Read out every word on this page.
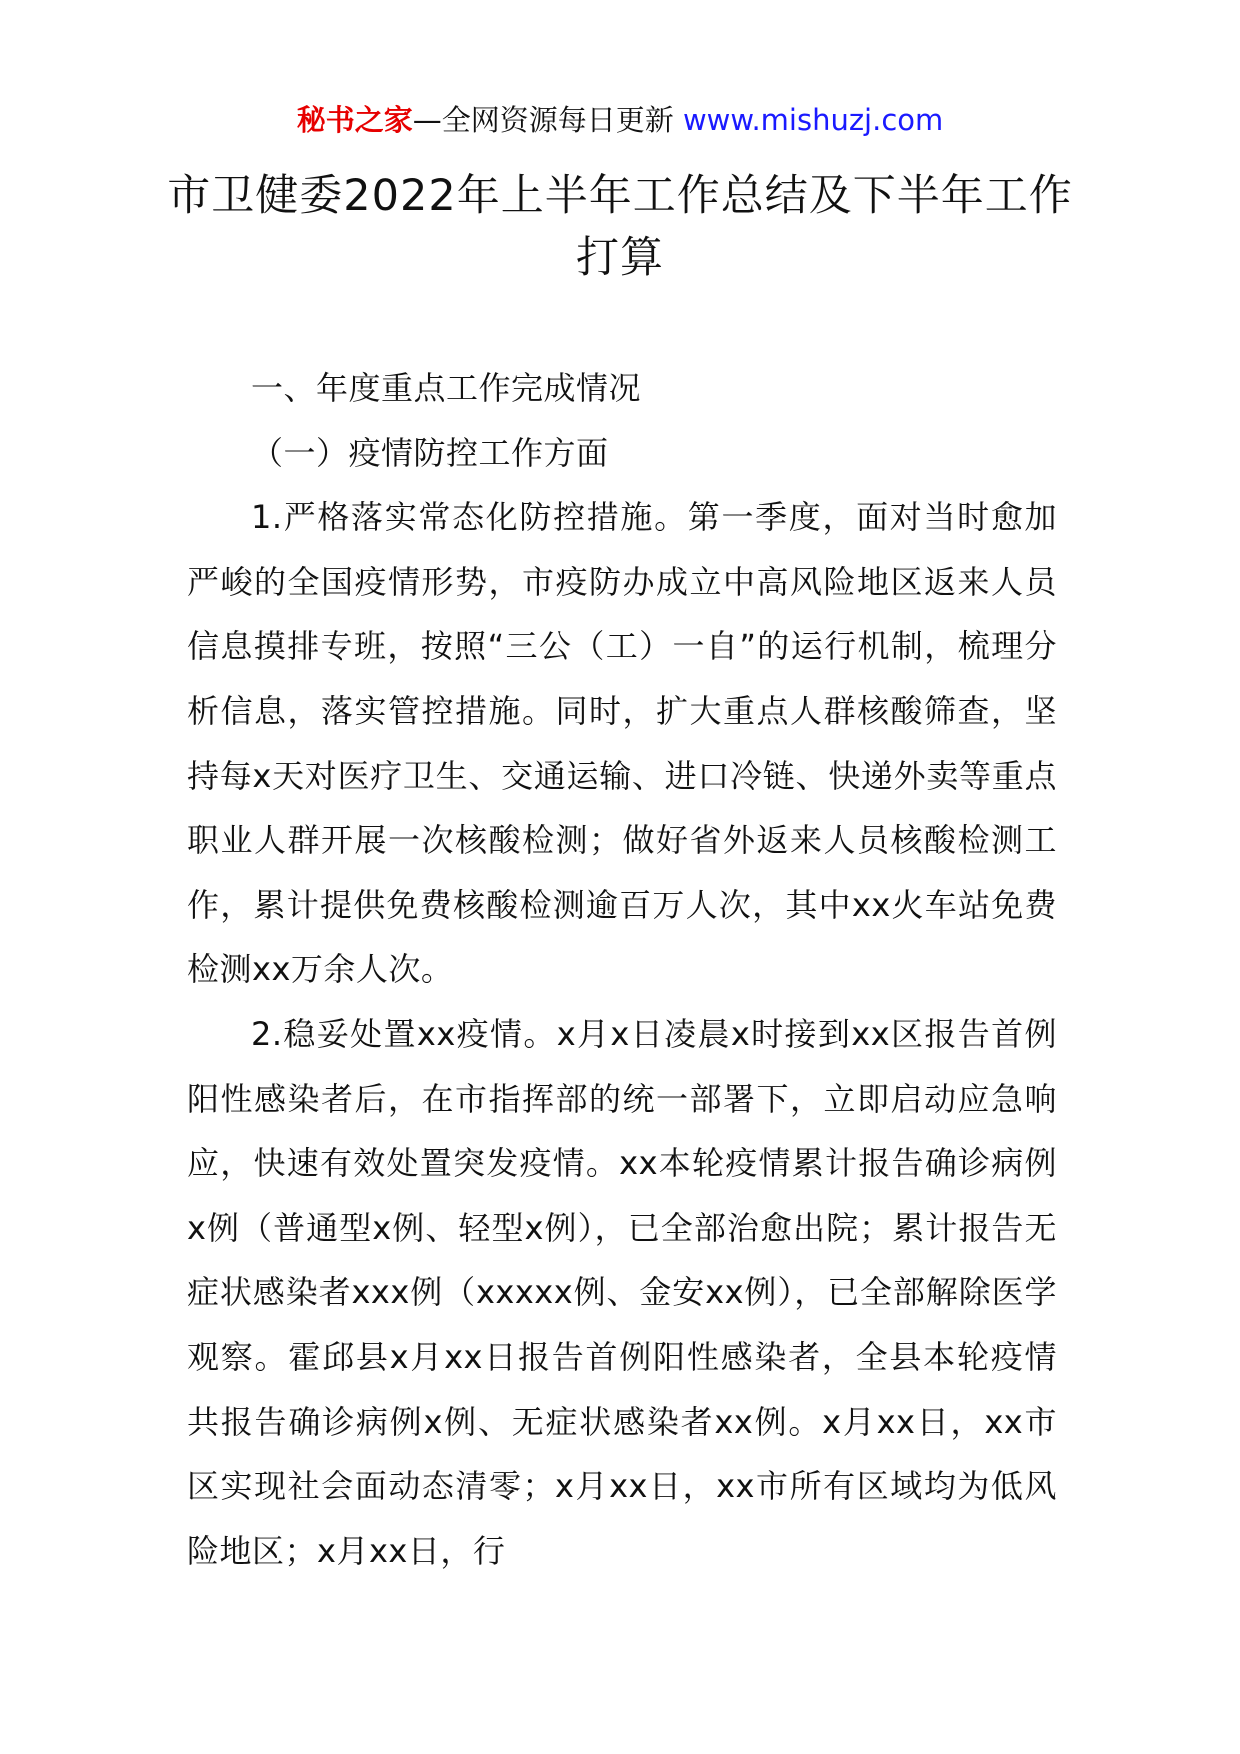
秘书之家—全网资源每日更新 www.mishuzj.com
市卫健委2022年上半年工作总结及下半年工作打算

一、年度重点工作完成情况

（一）疫情防控工作方面

1.严格落实常态化防控措施。第一季度，面对当时愈加严峻的全国疫情形势，市疫防办成立中高风险地区返来人员信息摸排专班，按照“三公（工）一自”的运行机制，梳理分析信息，落实管控措施。同时，扩大重点人群核酸筛查，坚持每x天对医疗卫生、交通运输、进口冷链、快递外卖等重点职业人群开展一次核酸检测；做好省外返来人员核酸检测工作，累计提供免费核酸检测逾百万人次，其中xx火车站免费检测xx万余人次。

2.稳妥处置xx疫情。x月x日凌晨x时接到xx区报告首例阳性感染者后，在市指挥部的统一部署下，立即启动应急响应，快速有效处置突发疫情。xx本轮疫情累计报告确诊病例x例（普通型x例、轻型x例），已全部治愈出院；累计报告无症状感染者xxx例（xxxxx例、金安xx例），已全部解除医学观察。霍邱县x月xx日报告首例阳性感染者，全县本轮疫情共报告确诊病例x例、无症状感染者xx例。x月xx日，xx市区实现社会面动态清零；x月xx日，xx市所有区域均为低风险地区；x月xx日，行
